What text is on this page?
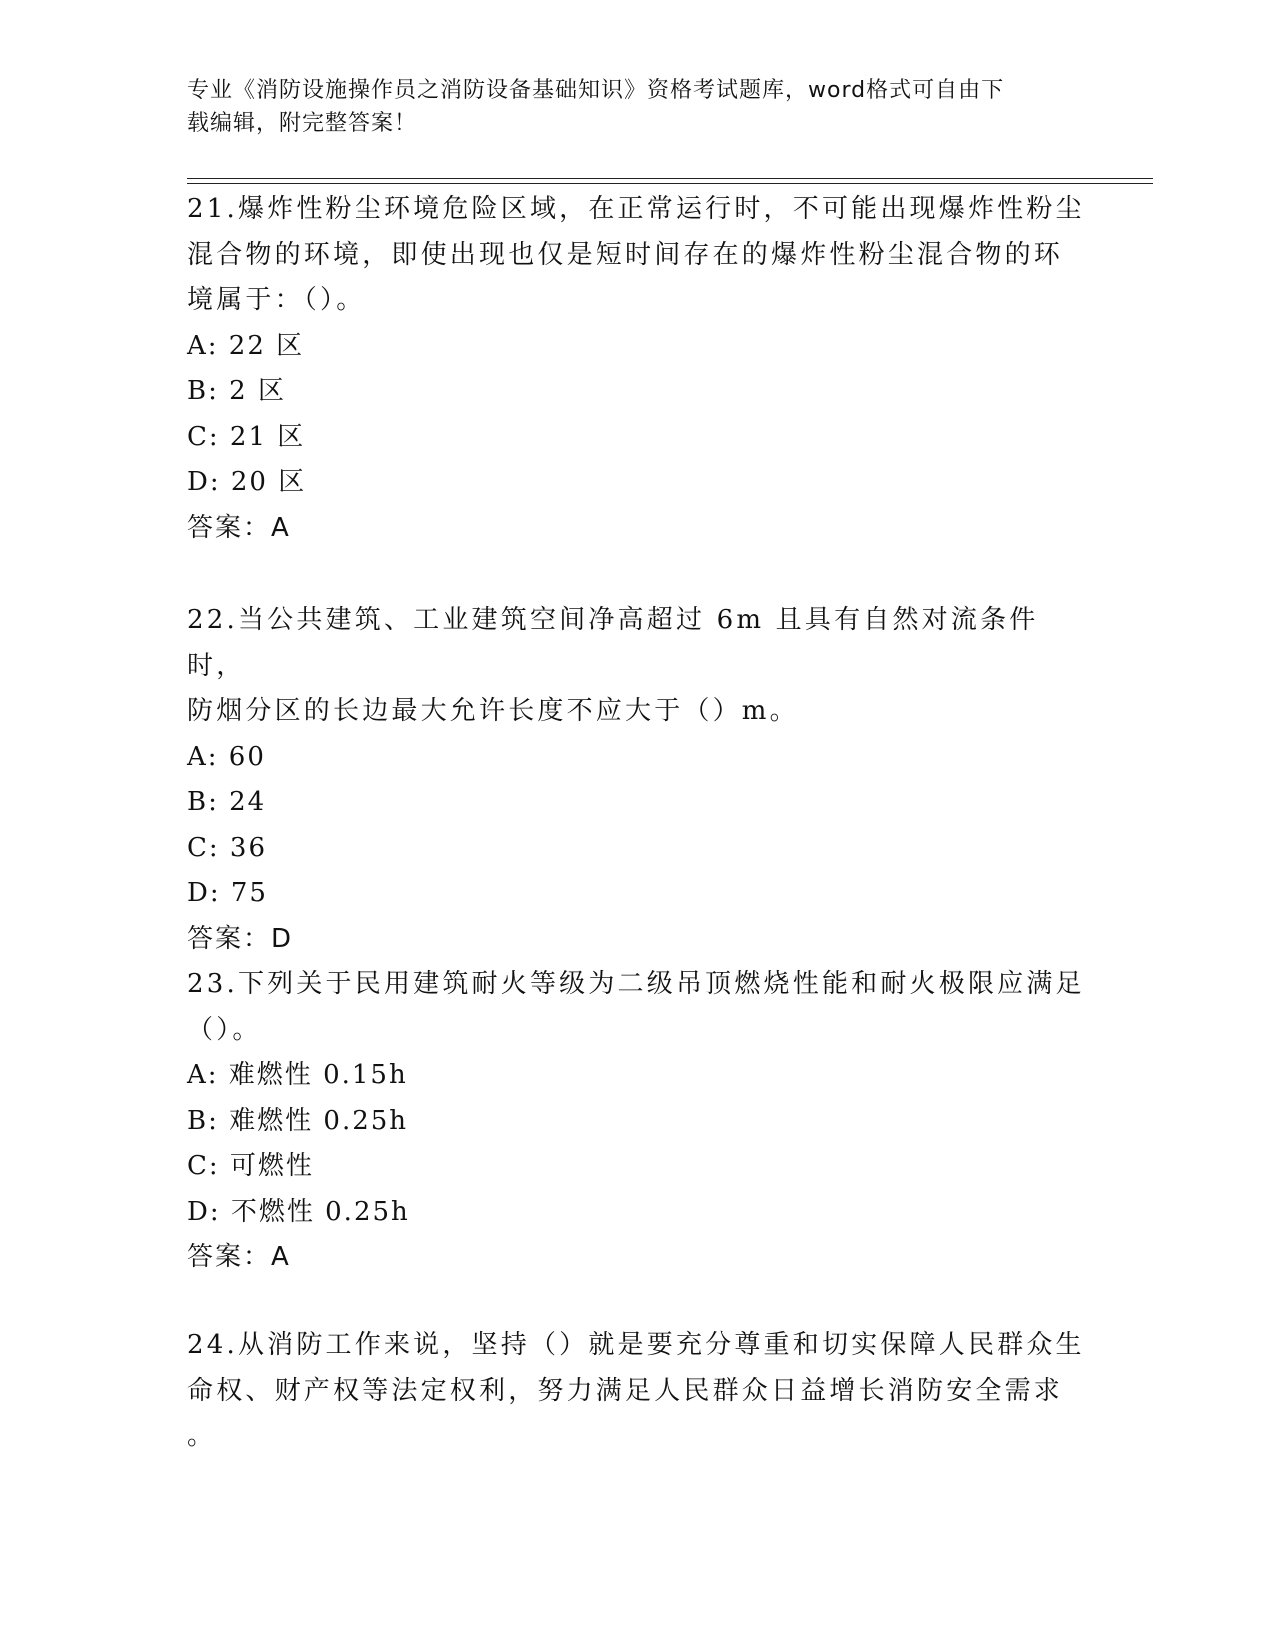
专业《消防设施操作员之消防设备基础知识》资格考试题库，word格式可自由下
载编辑，附完整答案！

21.爆炸性粉尘环境危险区域，在正常运行时，不可能出现爆炸性粉尘

混合物的环境，即使出现也仅是短时间存在的爆炸性粉尘混合物的环

境属于：（）。

A: 22 区

B: 2 区

C: 21 区

D: 20 区

答案：A

22.当公共建筑、工业建筑空间净高超过 6m 且具有自然对流条件时，

防烟分区的长边最大允许长度不应大于（）m。

A: 60

B: 24

C: 36

D: 75

答案：D

23.下列关于民用建筑耐火等级为二级吊顶燃烧性能和耐火极限应满足

（）。

A: 难燃性 0.15h

B: 难燃性 0.25h

C: 可燃性

D: 不燃性 0.25h

答案：A

24.从消防工作来说，坚持（）就是要充分尊重和切实保障人民群众生

命权、财产权等法定权利，努力满足人民群众日益增长消防安全需求

。
